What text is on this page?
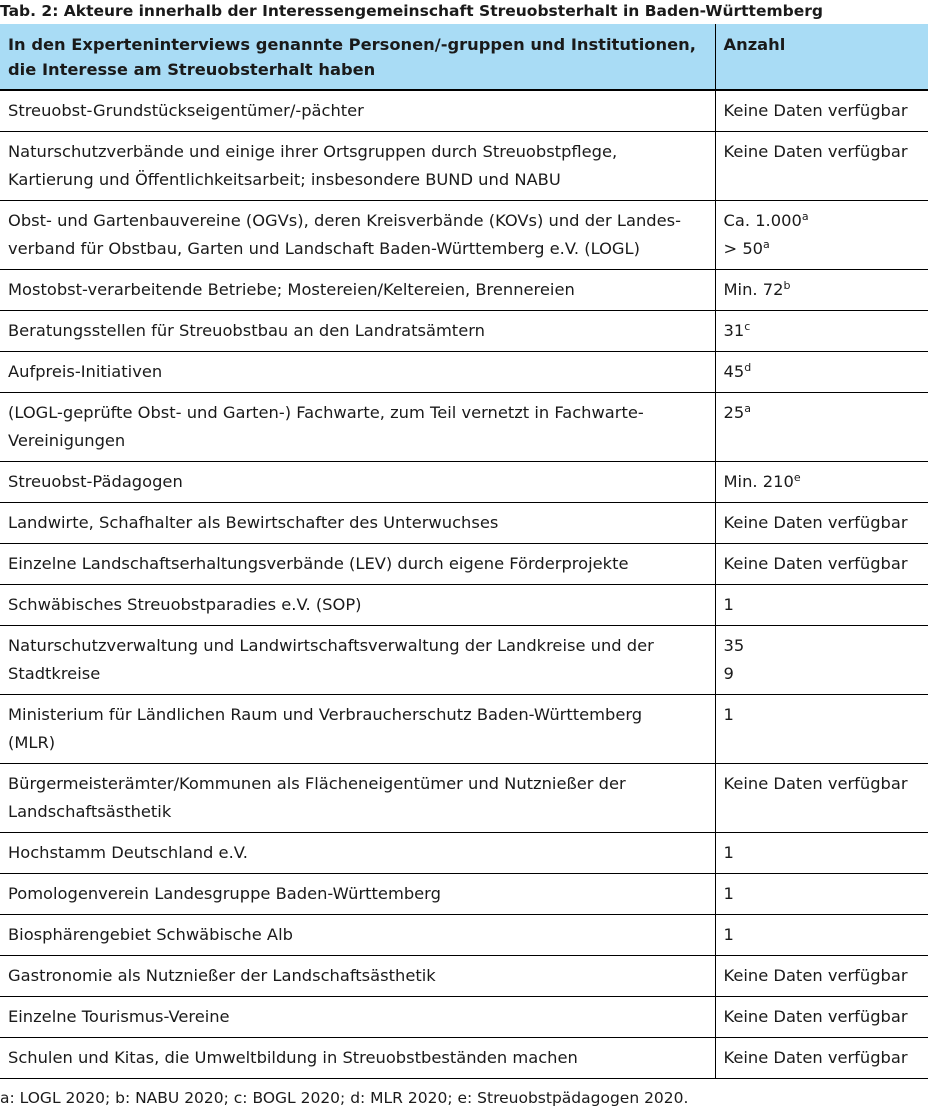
Tab. 2: Akteure innerhalb der Interessengemeinschaft Streuobsterhalt in Baden-Württemberg
In den Experteninterviews genannte Personen/-gruppen und Institutionen,
die Interesse am Streuobsterhalt haben	Anzahl

Streuobst-Grundstückseigentümer/-pächter	Keine Daten verfügbar

Naturschutzverbände und einige ihrer Ortsgruppen durch Streuobstpflege,
Kartierung und Öffentlichkeitsarbeit; insbesondere BUND und NABU	Keine Daten verfügbar

Obst- und Gartenbauvereine (OGVs), deren Kreisverbände (KOVs) und der Landes-
verband für Obstbau, Garten und Landschaft Baden-Württemberg e.V. (LOGL)	Ca. 1.000$^a$
> $50^a$

Mostobst-verarbeitende Betriebe; Mostereien/Keltereien, Brennereien	Min. 72$^b$

Beratungsstellen für Streuobstbau an den Landratsämtern	31$^c$

Aufpreis-Initiativen	45$^d$

(LOGL-geprüfte Obst- und Garten-) Fachwarte, zum Teil vernetzt in Fachwarte-
Vereinigungen	25$^a$

Streuobst-Pädagogen	Min. 210e

Landwirte, Schafhalter als Bewirtschafter des Unterwuchses	Keine Daten verfügbar

Einzelne Landschaftserhaltungsverbände (LEV) durch eigene Förderprojekte	Keine Daten verfügbar

Schwäbisches Streuobstparadies e.V. (SOP)	1

Naturschutzverwaltung und Landwirtschaftsverwaltung der Landkreise und der
Stadtkreise	35
9

Ministerium für Ländlichen Raum und Verbraucherschutz Baden-Württemberg
(MLR)	1

Bürgermeisterämter/Kommunen als Flächeneigentümer und Nutznießer der
Landschaftsästhetik	Keine Daten verfügbar

Hochstamm Deutschland e.V.	1

Pomologenverein Landesgruppe Baden-Württemberg	1

Biosphärengebiet Schwäbische Alb	1

Gastronomie als Nutznießer der Landschaftsästhetik	Keine Daten verfügbar

Einzelne Tourismus-Vereine	Keine Daten verfügbar

Schulen und Kitas, die Umweltbildung in Streuobstbeständen machen	Keine Daten verfügbar
a: LOGL 2020; b: NABU 2020; c: BOGL 2020; d: MLR 2020; e: Streuobstpädagogen 2020.
